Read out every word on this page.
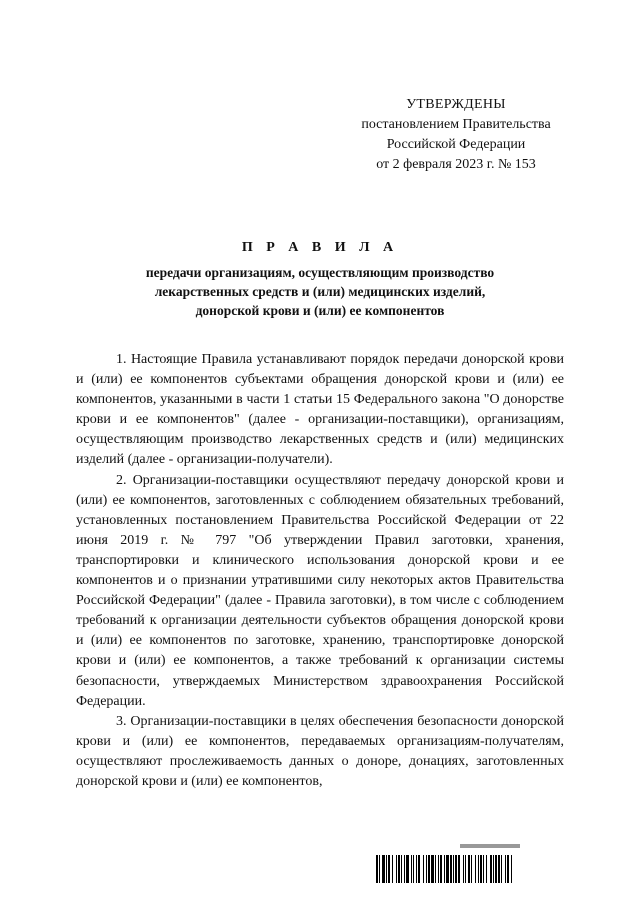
УТВЕРЖДЕНЫ
постановлением Правительства
Российской Федерации
от 2 февраля 2023 г. № 153
П Р А В И Л А
передачи организациям, осуществляющим производство
лекарственных средств и (или) медицинских изделий,
донорской крови и (или) ее компонентов

1. Настоящие Правила устанавливают порядок передачи донорской крови и (или) ее компонентов субъектами обращения донорской крови и (или) ее компонентов, указанными в части 1 статьи 15 Федерального закона "О донорстве крови и ее компонентов" (далее - организации-поставщики), организациям, осуществляющим производство лекарственных средств и (или) медицинских изделий (далее - организации-получатели).

2. Организации-поставщики осуществляют передачу донорской крови и (или) ее компонентов, заготовленных с соблюдением обязательных требований, установленных постановлением Правительства Российской Федерации от 22 июня 2019 г. № 797 "Об утверждении Правил заготовки, хранения, транспортировки и клинического использования донорской крови и ее компонентов и о признании утратившими силу некоторых актов Правительства Российской Федерации" (далее - Правила заготовки), в том числе с соблюдением требований к организации деятельности субъектов обращения донорской крови и (или) ее компонентов по заготовке, хранению, транспортировке донорской крови и (или) ее компонентов, а также требований к организации системы безопасности, утверждаемых Министерством здравоохранения Российской Федерации.

3. Организации-поставщики в целях обеспечения безопасности донорской крови и (или) ее компонентов, передаваемых организациям-получателям, осуществляют прослеживаемость данных о доноре, донациях, заготовленных донорской крови и (или) ее компонентов,
